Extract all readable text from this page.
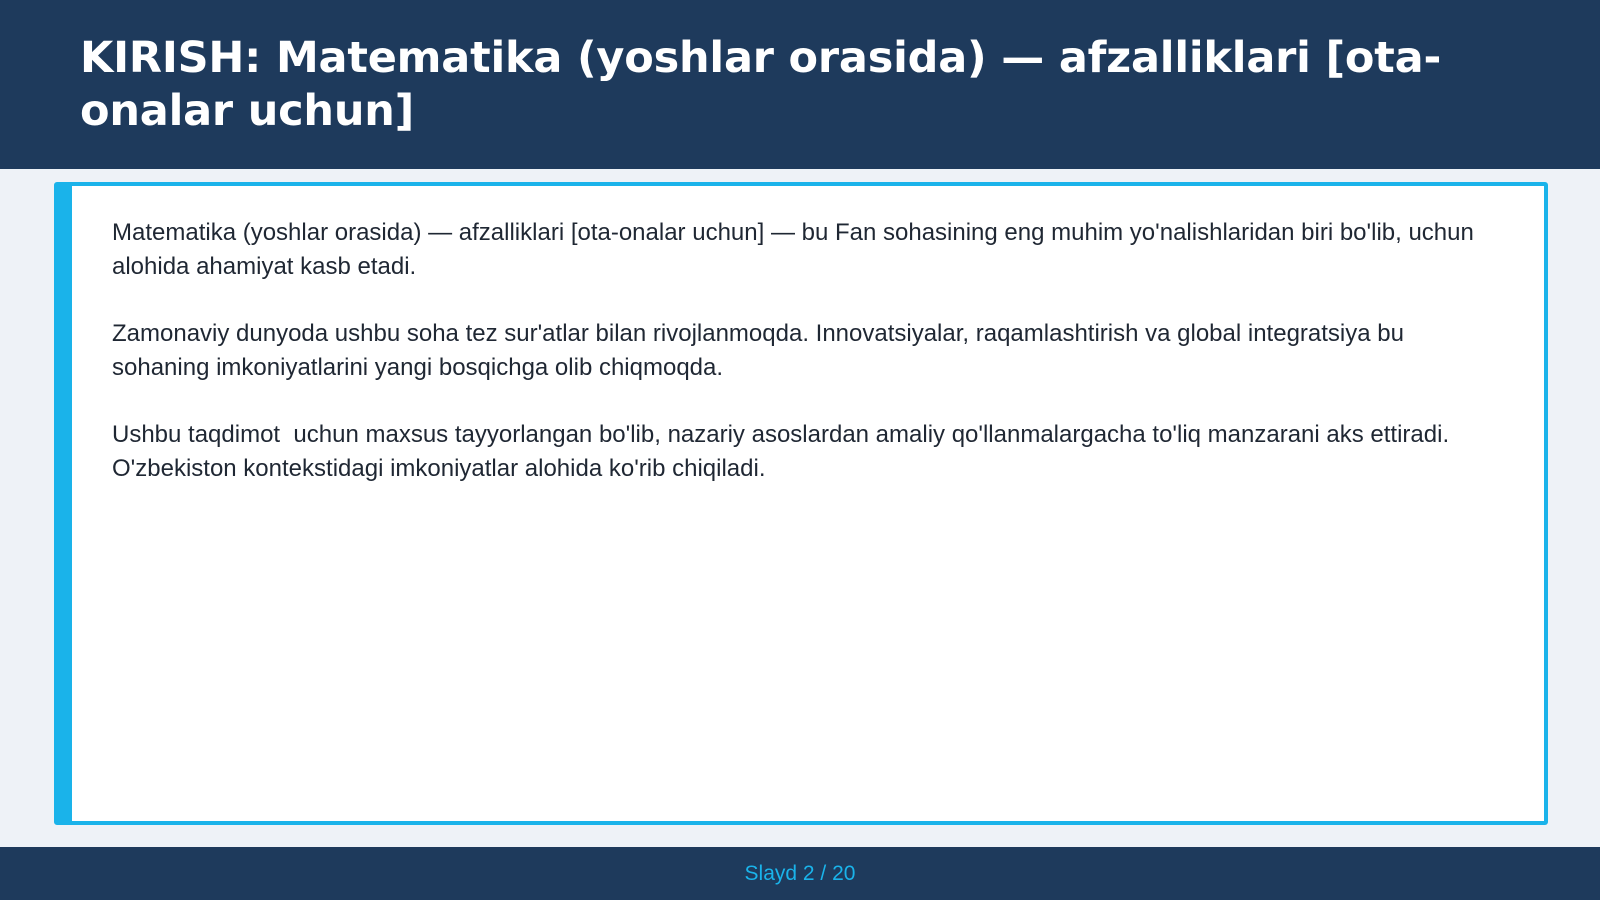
KIRISH: Matematika (yoshlar orasida) — afzalliklari [ota-onalar uchun]

Matematika (yoshlar orasida) — afzalliklari [ota-onalar uchun] — bu Fan sohasining eng muhim yo'nalishlaridan biri bo'lib, uchun alohida ahamiyat kasb etadi.

Zamonaviy dunyoda ushbu soha tez sur'atlar bilan rivojlanmoqda. Innovatsiyalar, raqamlashtirish va global integratsiya bu sohaning imkoniyatlarini yangi bosqichga olib chiqmoqda.

Ushbu taqdimot  uchun maxsus tayyorlangan bo'lib, nazariy asoslardan amaliy qo'llanmalargacha to'liq manzarani aks ettiradi. O'zbekiston kontekstidagi imkoniyatlar alohida ko'rib chiqiladi.

Slayd 2 / 20
